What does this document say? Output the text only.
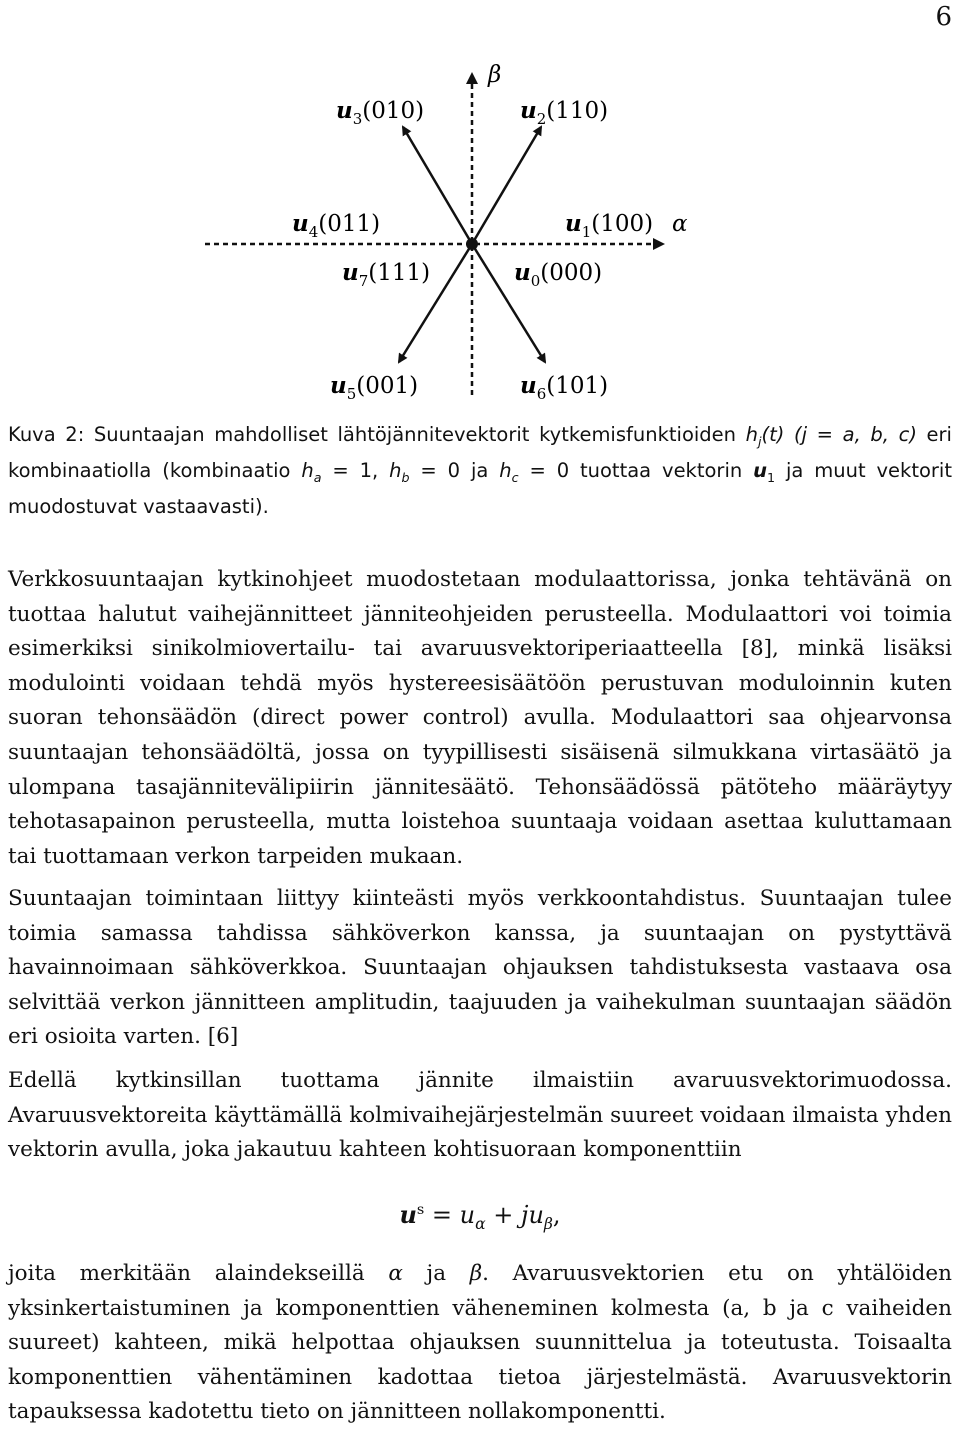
6
β
α
$u_3(010)$	$u_2(110)$
$u_4(011)$	$u_1(100)$
$u_7(111)$	$u_0(000)$
$u_5(001)$	$u_6(101)$
Kuva 2: Suuntaajan mahdolliset lähtöjännitevektorit kytkemisfunktioiden $h_j(t) (j = a$, b, c) eri kombinaatiolla (kombinaatio $h_a = 1$, $h_b = 0$ ja $h_c = 0$ tuottaa vektorin $u_1$ ja muut vektorit muodostuvat vastaavasti).
Verkkosuuntaajan kytkinohjeet muodostetaan modulaattorissa, jonka tehtävänä on tuottaa halutut vaihejännitteet jänniteohjeiden perusteella. Modulaattori voi toimia esimerkiksi sinikolmiovertailu- tai avaruusvektoriperiaatteella [8], minkä lisäksi modulointi voidaan tehdä myös hystereesisäätöön perustuvan moduloinnin kuten suoran tehonsäädön (direct power control) avulla. Modulaattori saa ohjearvonsa suuntaajan tehonsäädöltä, jossa on tyypillisesti sisäisenä silmukkana virtasäätö ja ulompana tasajännitevälipiirin jännitesäätö. Tehonsäädössä pätöteho määräytyy tehotasapainon perusteella, mutta loistehoa suuntaaja voidaan asettaa kuluttamaan tai tuottamaan verkon tarpeiden mukaan.
Suuntaajan toimintaan liittyy kiinteästi myös verkkoontahdistus. Suuntaajan tulee toimia samassa tahdissa sähköverkon kanssa, ja suuntaajan on pystyttävä havainnoimaan sähköverkkoa. Suuntaajan ohjauksen tahdistuksesta vastaava osa selvittää verkon jännitteen amplitudin, taajuuden ja vaihekulman suuntaajan säädön eri osioita varten. [6]
Edellä kytkinsillan tuottama jännite ilmaistiin avaruusvektorimuodossa. Avaruusvektoreita käyttämällä kolmivaihejärjestelmän suureet voidaan ilmaista yhden vektorin avulla, joka jakautuu kahteen kohtisuoraan komponenttiin
$u^s = u_\alpha + ju_\beta$,
joita merkitään alaindekseillä α ja β. Avaruusvektorien etu on yhtälöiden yksinkertaistuminen ja komponenttien väheneminen kolmesta (a, b ja c vaiheiden suureet) kahteen, mikä helpottaa ohjauksen suunnittelua ja toteutusta. Toisaalta komponenttien vähentäminen kadottaa tietoa järjestelmästä. Avaruusvektorin tapauksessa kadotettu tieto on jännitteen nollakomponentti.
